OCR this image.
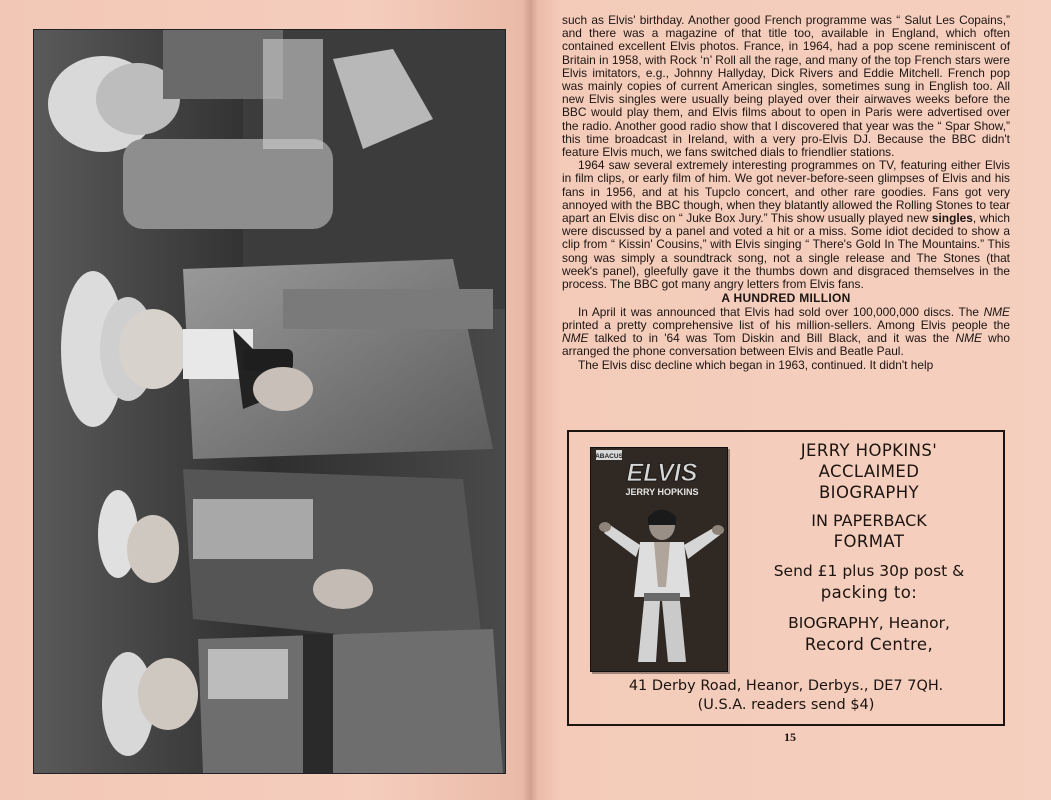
such as Elvis' birthday. Another good French programme was “ Salut Les Copains,” and there was a magazine of that title too, available in England, which often contained excellent Elvis photos. France, in 1964, had a pop scene reminiscent of Britain in 1958, with Rock ‘n’ Roll all the rage, and many of the top French stars were Elvis imitators, e.g., Johnny Hallyday, Dick Rivers and Eddie Mitchell. French pop was mainly copies of current American singles, sometimes sung in English too. All new Elvis singles were usually being played over their airwaves weeks before the BBC would play them, and Elvis films about to open in Paris were advertised over the radio. Another good radio show that I discovered that year was the “ Spar Show,” this time broadcast in Ireland, with a very pro-Elvis DJ. Because the BBC didn't feature Elvis much, we fans switched dials to friendlier stations.

1964 saw several extremely interesting programmes on TV, featuring either Elvis in film clips, or early film of him. We got never-before-seen glimpses of Elvis and his fans in 1956, and at his Tupclo concert, and other rare goodies. Fans got very annoyed with the BBC though, when they blatantly allowed the Rolling Stones to tear apart an Elvis disc on “ Juke Box Jury.” This show usually played new singles, which were discussed by a panel and voted a hit or a miss. Some idiot decided to show a clip from “ Kissin' Cousins,” with Elvis singing “ There's Gold In The Mountains.” This song was simply a soundtrack song, not a single release and The Stones (that week's panel), gleefully gave it the thumbs down and disgraced themselves in the process. The BBC got many angry letters from Elvis fans.

A HUNDRED MILLION

In April it was announced that Elvis had sold over 100,000,000 discs. The NME printed a pretty comprehensive list of his million-sellers. Among Elvis people the NME talked to in '64 was Tom Diskin and Bill Black, and it was the NME who arranged the phone conversation between Elvis and Beatle Paul.

The Elvis disc decline which began in 1963, continued. It didn't help

ABACUS
ELVIS
JERRY HOPKINS
JERRY HOPKINS'
ACCLAIMED
BIOGRAPHY
IN PAPERBACK
FORMAT
Send £1 plus 30p post &
packing to:
BIOGRAPHY, Heanor,
Record Centre,
41 Derby Road, Heanor, Derbys., DE7 7QH.
(U.S.A. readers send $4)
15
